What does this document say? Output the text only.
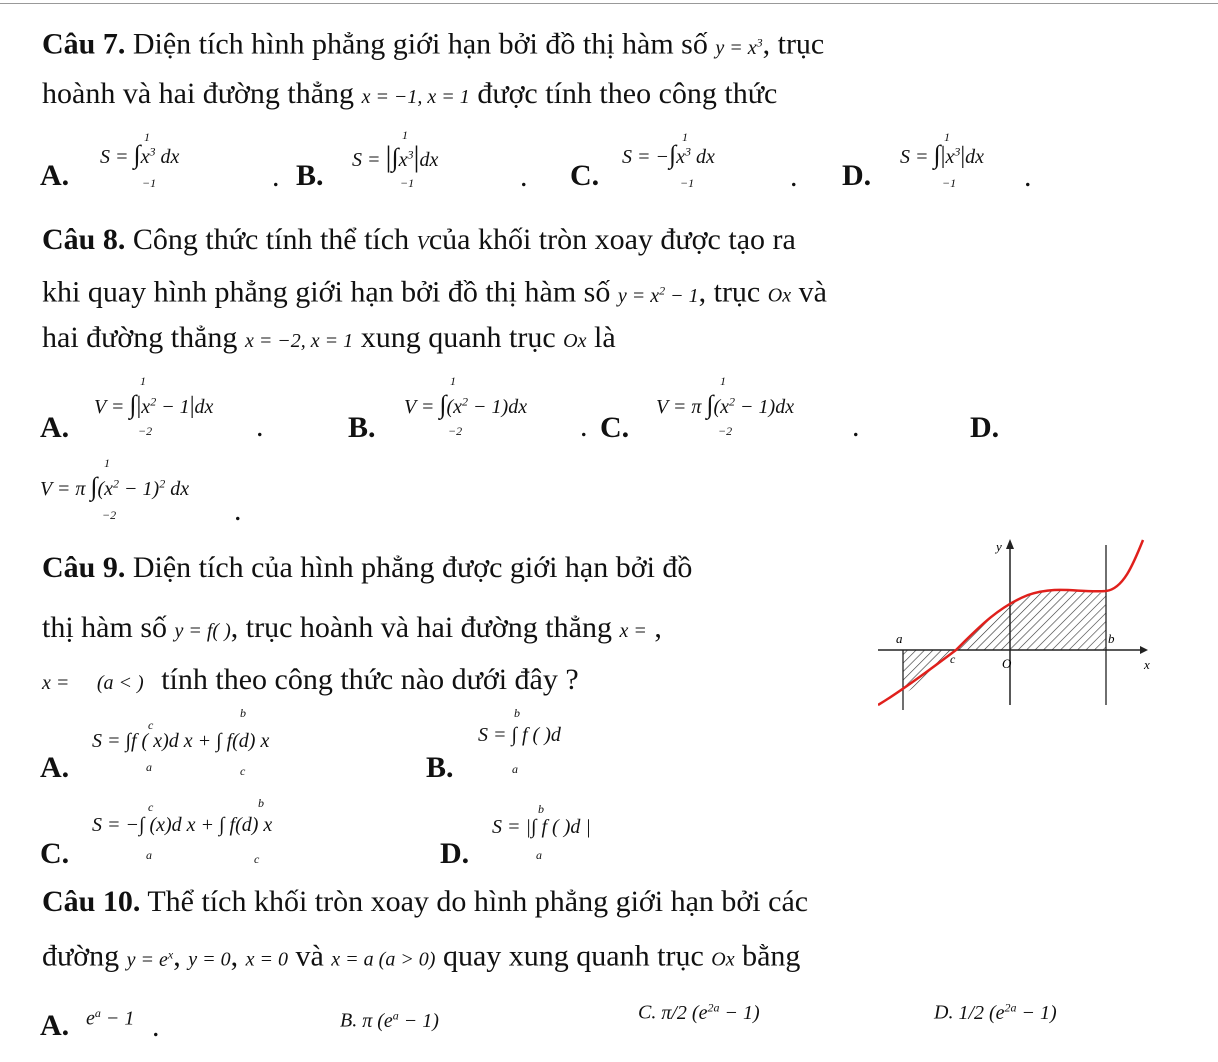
Câu 7. Diện tích hình phẳng giới hạn bởi đồ thị hàm số $y = x^3$, trục
hoành và hai đường thẳng x = −1, x = 1 được tính theo công thức
A.
$S = \int x^3$ dx
1
−1	. B. $S = |\int x^3|dx$
1
−1	. C.
$S = -\int x^3$ dx
1
−1	. D.
$S = \int|x^3|dx$
1
−1 .
Câu 8. Công thức tính thể tích Vcủa khối tròn xoay được tạo ra
khi quay hình phẳng giới hạn bởi đồ thị hàm số $y = x^2 - 1$, trục Ox và
hai đường thẳng x = −2, x = 1 xung quanh trục Ox là
A.
$V = \int|x^2 - 1|dx$
1
−2	.	B.
$V = \int(x^2 - 1)dx$
1
−2	. C.
V = π $\int(x^2 - 1)dx$
1
−2	.	D.
V = π $\int(x^2 - 1)^2$ dx
1
−2	.
Câu 9. Diện tích của hình phẳng được giới hạn bởi đồ
thị hàm số y = f( ), trục hoành và hai đường thẳng x = ,
x = (a < ) tính theo công thức nào dưới đây ?
y
x
a	b
c	O
A.
S = ∫f ( x)d x + ∫ f(d) x
c
a
b
c	B.
S = ∫ f ( )d
b
a
C.
S = −∫ (x)d x + ∫ f(d) x
c
a
b
c	D.
S = |∫ f ( )d |
b
a
Câu 10. Thể tích khối tròn xoay do hình phẳng giới hạn bởi các
đường $y = e^x$, y = 0, x = 0 và x = a (a > 0) quay xung quanh trục Ox bằng
A. $e^a - 1$ .	B. π $(e^a - 1)$	C. π/2 $(e^{2a} - 1)$	D. 1/2 $(e^{2a} - 1)$
